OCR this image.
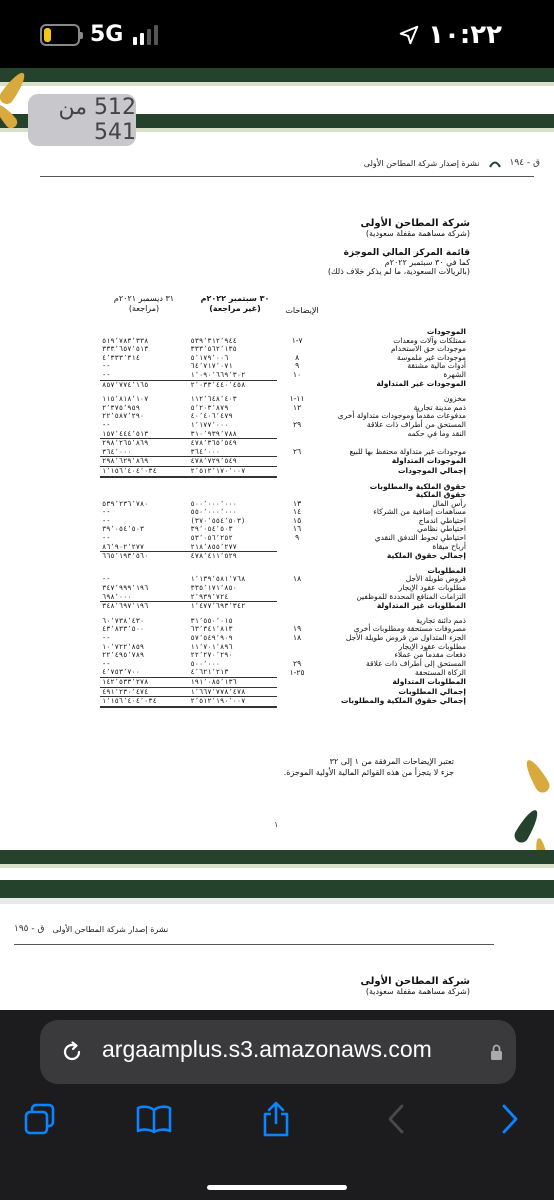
5G	١٠:٢٢
512 من 541
ق - ١٩٤
نشرة إصدار شركة المطاحن الأولى
شركة المطاحن الأولى
(شركة مساهمة مقفلة سعودية)
قائمة المركز المالي الموجزة
كما في ٣٠ سبتمبر ٢٠٢٢م
(بالريالات السعودية، ما لم يذكر خلاف ذلك)
٣١ ديسمبر ٢٠٢١م
(مراجعة)
٣٠ سبتمبر ٢٠٢٢م
(غير مراجعة)	الإيضاحات
الموجودات			
ممتلكات وآلات ومعدات	٧-١	٥٣٩٬٣١٢٬٩٤٤	٥١٩٬٧٨٣٬٣٣٨
موجودات حق الاستخدام		٣٣٣٬٥٦٢٬١٣٥	٣٣٣٬٦٥٧٬٥١٣
موجودات غير ملموسة	٨	٥٬١٧٩٬٠٠٦	٤٬٣٣٣٬٣١٤
أدوات مالية مشتقة	٩	٦٤٬٧١٧٬٠٧١	--
الشهرة	١٠	١٬٠٩٠٬٦٦٩٬٣٠٢	--
الموجودات غير المتداولة		٢٬٠٣٣٬٤٤٠٬٤٥٨	٨٥٧٬٧٧٤٬١٦٥

مخزون	١١-١	١١٢٬٦٤٨٬٤٠٣	١١٥٬٨١٨٬١٠٧
ذمم مدينة تجارية	١٢	٥٬٢٠٣٬٨٧٩	٢٬٣٧٥٬٩٥٩
مدفوعات مقدماً وموجودات متداولة أخرى		٤٠٬٤٠٦٬٤٧٩	٢٢٬٥٨٧٬٢٩٠
المستحق من أطراف ذات علاقة	٢٩	١٬١٧٧٬٠٠٠	--
النقد وما في حكمه		٣١٠٬٩٣٩٬٧٨٨	١٥٧٬٤٤٤٬٥١٣
		٤٧٨٬٣٦٥٬٥٤٩	٢٩٨٬٢٦٥٬٨٦٩
موجودات غير متداولة محتفظ بها للبيع	٢٦	٣٦٤٬٠٠٠	٣٦٤٬٠٠٠
الموجودات المتداولة		٤٧٨٬٧٢٩٬٥٤٩	٢٩٨٬٦٢٩٬٨٦٩
إجمالي الموجودات		٢٬٥١٢٬١٧٠٬٠٠٧	١٬١٥٦٬٤٠٤٬٠٣٤

حقوق الملكية والمطلوبات			
حقوق الملكية			
رأس المال	١٣	٥٠٠٬٠٠٠٬٠٠٠	٥٣٩٬٢٣٦٬٧٨٠
مساهمات إضافية من الشركاء	١٤	٥٥٠٬٠٠٠٬٠٠٠	--
احتياطي اندماج	١٥	(٣٧٠٬٥٥٤٬٥٠٣)	--
احتياطي نظامي	١٦	٣٩٬٠٥٤٬٥٠٣	٣٩٬٠٥٤٬٥٠٣
احتياطي تحوط التدفق النقدي	٩	٥٣٬٠٥٦٬٢٥٢	--
أرباح مبقاة		٢١٨٬٨٥٥٬٢٧٧	٨٦٬٩٠٢٬٢٧٧
إجمالي حقوق الملكية		٤٧٨٬٤١١٬٥٢٩	٦٦٥٬١٩٣٬٥٦٠

المطلوبات			
قروض طويلة الأجل	١٨	١٬١٣٩٬٥٨١٬٧٦٨	--
مطلوبات عقود الإيجار		٣٣٥٬١٧١٬٨٥٠	٣٤٧٬٩٩٩٬١٩٦
التزامات المنافع المحددة للموظفين		٢٬٩٣٩٬٧٢٤	٦٩٨٬٠٠٠
المطلوبات غير المتداولة		١٬٤٧٧٬٦٩٣٬٣٤٢	٣٤٨٬٦٩٧٬١٩٦

ذمم دائنة تجارية		٣١٬٥٥٠٬٠١٥	٦٠٬٧٣٨٬٤٣٠
مصروفات مستحقة ومطلوبات أخرى	١٩	٦٣٬٣٤١٬٨١٣	٤٣٬٨٣٣٬٥٠٠
الجزء المتداول من قروض طويلة الأجل	١٨	٥٧٬٥٤٩٬٩٠٩	--
مطلوبات عقود الإيجار		١١٬٧٠١٬٨٩٦	١٠٬٧٢٢٬٨٥٩
دفعات مقدماً من عملاء		٢٢٬٢٧٠٬٢٩٠	٢٢٬٤٩٥٬٧٨٩
المستحق إلى أطراف ذات علاقة	٢٩	٥٠٠٬٠٠٠	--
الزكاة المستحقة	٢٥-١	٤٬٦٢١٬٢١٣	٤٬٧٥٣٬٧٠٠
المطلوبات المتداولة		١٩١٬٠٨٥٬١٣٦	١٤٢٬٥٣٣٬٢٧٨
إجمالي المطلوبات		١٬٦٦٧٬٧٧٨٬٤٧٨	٤٩١٬٢٣٠٬٤٧٤
إجمالي حقوق الملكية والمطلوبات		٢٬٥١٢٬١٩٠٬٠٠٧	١٬١٥٦٬٤٠٤٬٠٣٤
تعتبر الإيضاحات المرفقة من ١ إلى ٣٢
جزء لا يتجزأ من هذه القوائم المالية الأولية الموجزة.
١
ق - ١٩٥ نشرة إصدار شركة المطاحن الأولى
شركة المطاحن الأولى
(شركة مساهمة مقفلة سعودية)
argaamplus.s3.amazonaws.com
